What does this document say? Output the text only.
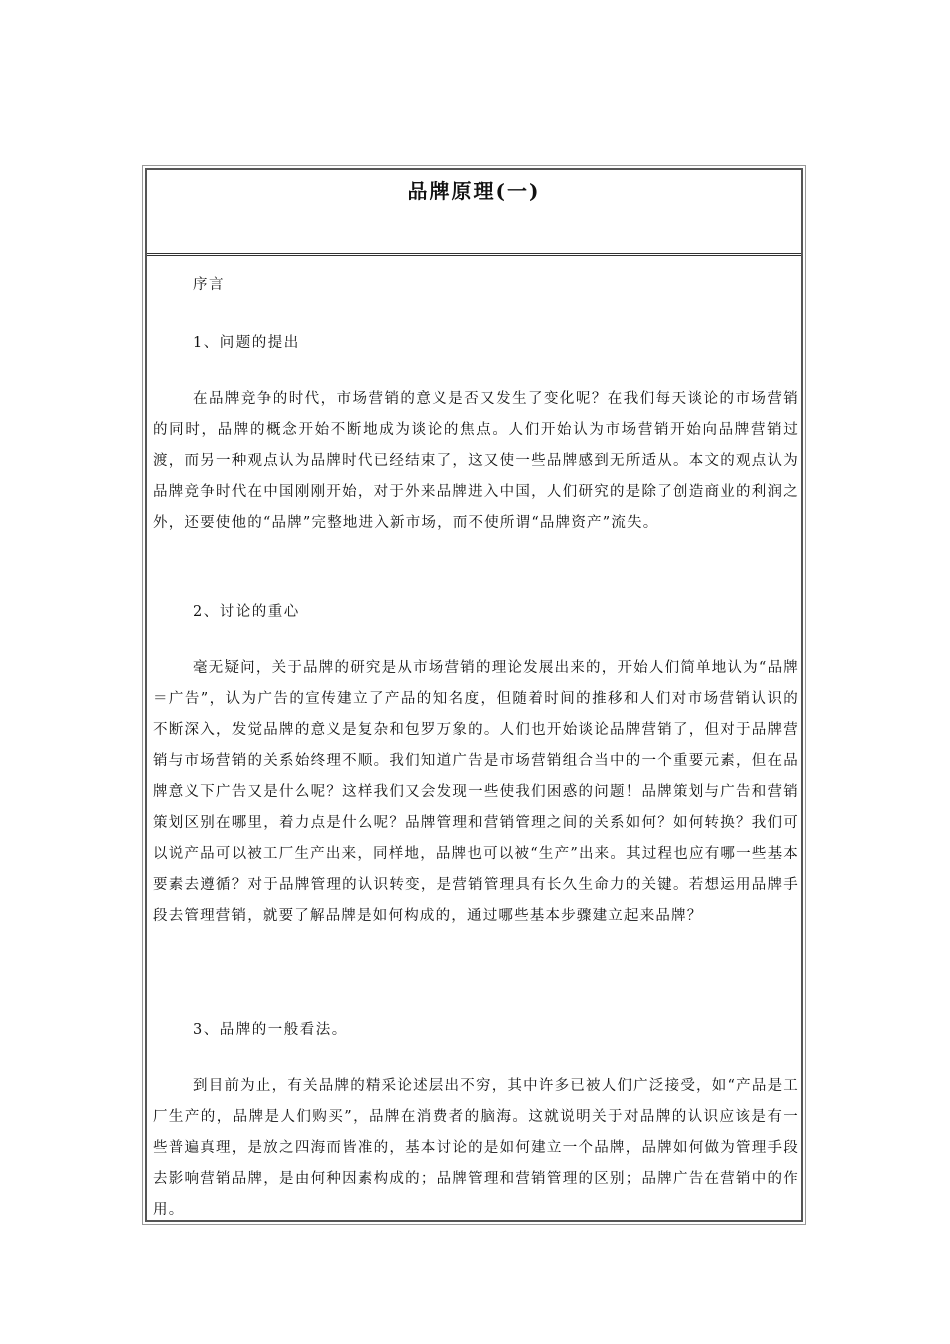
品牌原理(一)
序言
1、问题的提出
在品牌竞争的时代，市场营销的意义是否又发生了变化呢？在我们每天谈论的市场营销的同时，品牌的概念开始不断地成为谈论的焦点。人们开始认为市场营销开始向品牌营销过渡，而另一种观点认为品牌时代已经结束了，这又使一些品牌感到无所适从。本文的观点认为品牌竞争时代在中国刚刚开始，对于外来品牌进入中国，人们研究的是除了创造商业的利润之外，还要使他的“品牌”完整地进入新市场，而不使所谓“品牌资产”流失。
2、讨论的重心
毫无疑问，关于品牌的研究是从市场营销的理论发展出来的，开始人们简单地认为“品牌＝广告”，认为广告的宣传建立了产品的知名度，但随着时间的推移和人们对市场营销认识的不断深入，发觉品牌的意义是复杂和包罗万象的。人们也开始谈论品牌营销了，但对于品牌营销与市场营销的关系始终理不顺。我们知道广告是市场营销组合当中的一个重要元素，但在品牌意义下广告又是什么呢？这样我们又会发现一些使我们困惑的问题！品牌策划与广告和营销策划区别在哪里，着力点是什么呢？品牌管理和营销管理之间的关系如何？如何转换？我们可以说产品可以被工厂生产出来，同样地，品牌也可以被“生产”出来。其过程也应有哪一些基本要素去遵循？对于品牌管理的认识转变，是营销管理具有长久生命力的关键。若想运用品牌手段去管理营销，就要了解品牌是如何构成的，通过哪些基本步骤建立起来品牌？
3、品牌的一般看法。
到目前为止，有关品牌的精采论述层出不穷，其中许多已被人们广泛接受，如“产品是工厂生产的，品牌是人们购买”，品牌在消费者的脑海。这就说明关于对品牌的认识应该是有一些普遍真理，是放之四海而皆准的，基本讨论的是如何建立一个品牌，品牌如何做为管理手段去影响营销品牌，是由何种因素构成的；品牌管理和营销管理的区别；品牌广告在营销中的作用。
